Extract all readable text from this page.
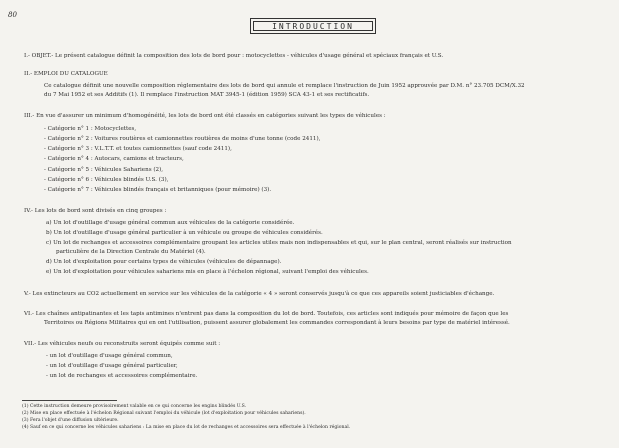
80
INTRODUCTION
I.- OBJET.- Le présent catalogue définit la composition des lots de bord pour : motocyclettes - véhicules d'usage général et spéciaux français et U.S.
II.- EMPLOI DU CATALOGUE
Ce catalogue définit une nouvelle composition réglementaire des lots de bord qui annule et remplace l'instruction de Juin 1952 approuvée par D.M. n° 23.705 DCM/X.32
du 7 Mai 1952 et ses Additifs (1). Il remplace l'instruction MAT 3945-1 (édition 1959) SCA 43-1 et ses rectificatifs.
III.- En vue d'assurer un minimum d'homogénéité, les lots de bord ont été classés en catégories suivant les types de véhicules :
- Catégorie n° 1 : Motocyclettes,
- Catégorie n° 2 : Voitures routières et camionnettes routières de moins d'une tonne (code 2411),
- Catégorie n° 3 : V.L.T.T. et toutes camionnettes (sauf code 2411),
- Catégorie n° 4 : Autocars, camions et tracteurs,
- Catégorie n° 5 : Véhicules Sahariens (2),
- Catégorie n° 6 : Véhicules blindés U.S. (3),
- Catégorie n° 7 : Véhicules blindés français et britanniques (pour mémoire) (3).
IV.- Les lots de bord sont divisés en cinq groupes :
a) Un lot d'outillage d'usage général commun aux véhicules de la catégorie considérée.
b) Un lot d'outillage d'usage général particulier à un véhicule ou groupe de véhicules considérés.
c) Un lot de rechanges et accessoires complémentaire groupant les articles utiles mais non indispensables et qui, sur le plan central, seront réalisés sur instruction
particulière de la Direction Centrale du Matériel (4).
d) Un lot d'exploitation pour certains types de véhicules (véhicules de dépannage).
e) Un lot d'exploitation pour véhicules sahariens mis en place à l'échelon régional, suivant l'emploi des véhicules.
V.- Les extincteurs au CO2 actuellement en service sur les véhicules de la catégorie « 4 » seront conservés jusqu'à ce que ces appareils soient justiciables d'échange.
VI.- Les chaînes antipatinantes et les tapis antimines n'entrent pas dans la composition du lot de bord. Toutefois, ces articles sont indiqués pour mémoire de façon que les
Territoires ou Régions Militaires qui en ont l'utilisation, puissent assurer globalement les commandes correspondant à leurs besoins par type de matériel intéressé.
VII.- Les véhicules neufs ou reconstruits seront équipés comme suit :
- un lot d'outillage d'usage général commun,
- un lot d'outillage d'usage général particulier,
- un lot de rechanges et accessoires complémentaire.
(1) Cette instruction demeure provisoirement valable en ce qui concerne les engins blindés U.S.
(2) Mise en place effectuée à l'échelon Régional suivant l'emploi du véhicule (lot d'exploitation pour véhicules sahariens).
(3) Fera l'objet d'une diffusion ultérieure.
(4) Sauf en ce qui concerne les véhicules sahariens : La mise en place du lot de rechanges et accessoires sera effectuée à l'échelon régional.
